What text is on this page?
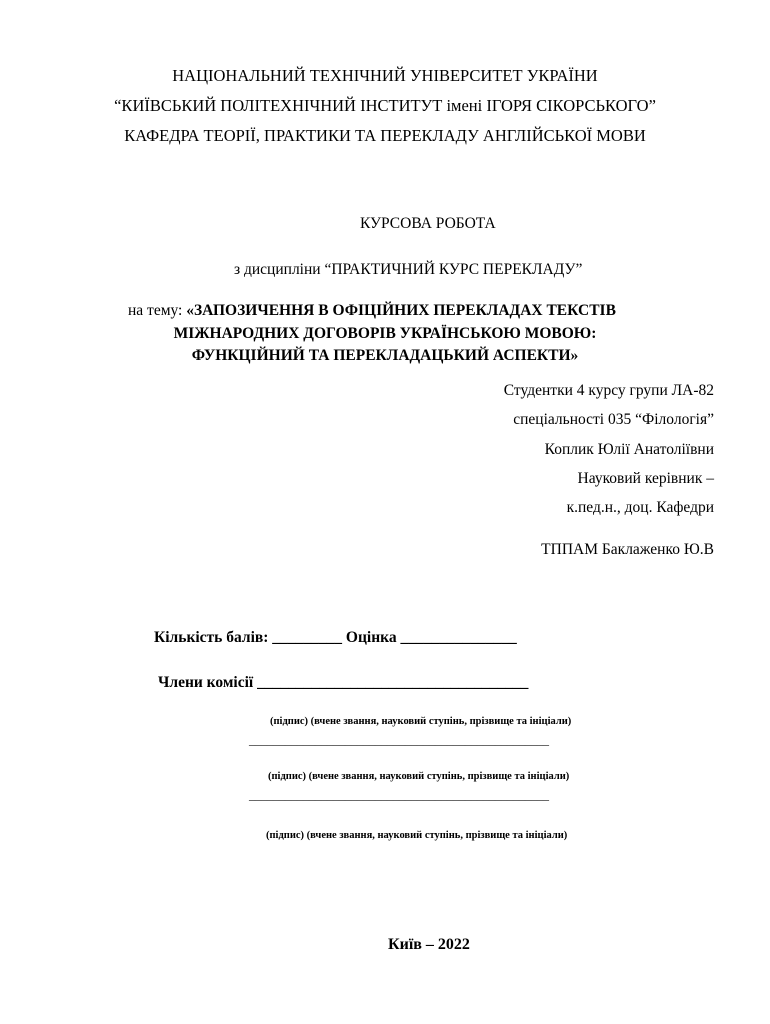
НАЦІОНАЛЬНИЙ ТЕХНІЧНИЙ УНІВЕРСИТЕТ УКРАЇНИ
“КИЇВСЬКИЙ ПОЛІТЕХНІЧНИЙ ІНСТИТУТ імені ІГОРЯ СІКОРСЬКОГО”
КАФЕДРА ТЕОРІЇ, ПРАКТИКИ ТА ПЕРЕКЛАДУ АНГЛІЙСЬКОЇ МОВИ
КУРСОВА РОБОТА
з дисципліни “ПРАКТИЧНИЙ КУРС ПЕРЕКЛАДУ”
на тему: «ЗАПОЗИЧЕННЯ В ОФІЦІЙНИХ ПЕРЕКЛАДАХ ТЕКСТІВ
МІЖНАРОДНИХ ДОГОВОРІВ УКРАЇНСЬКОЮ МОВОЮ:
ФУНКЦІЙНИЙ ТА ПЕРЕКЛАДАЦЬКИЙ АСПЕКТИ»
Студентки 4 курсу групи ЛА-82
спеціальності 035 “Філологія”
Коплик Юлії Анатоліївни
Науковий керівник –
к.пед.н., доц. Кафедри
ТППАМ Баклаженко Ю.В
Кількість балів: _________ Оцінка _______________
Члени комісії ___________________________________
(підпис) (вчене звання, науковий ступінь, прізвище та ініціали)
__________________________________________________
(підпис) (вчене звання, науковий ступінь, прізвище та ініціали)
__________________________________________________
(підпис) (вчене звання, науковий ступінь, прізвище та ініціали)
Київ – 2022
